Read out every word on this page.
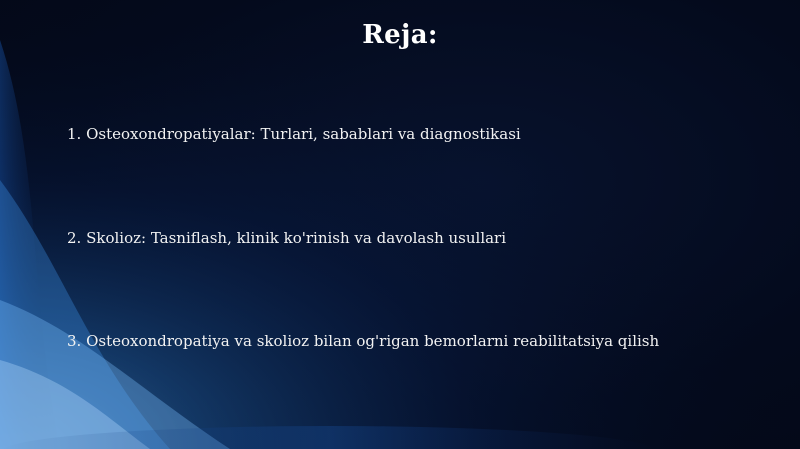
Reja:
1. Osteoxondropatiyalar: Turlari, sabablari va diagnostikasi
2. Skolioz: Tasniflash, klinik ko'rinish va davolash usullari
3. Osteoxondropatiya va skolioz bilan og'rigan bemorlarni reabilitatsiya qilish
